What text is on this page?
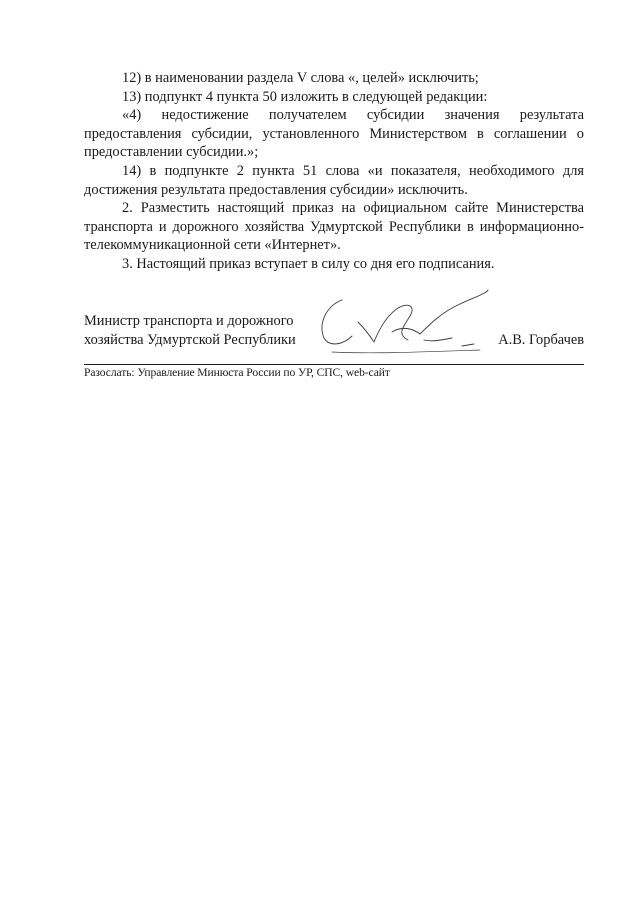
12) в наименовании раздела V слова «, целей» исключить;

13) подпункт 4 пункта 50 изложить в следующей редакции:

«4) недостижение получателем субсидии значения результата предоставления субсидии, установленного Министерством в соглашении о предоставлении субсидии.»;

14) в подпункте 2 пункта 51 слова «и показателя, необходимого для достижения результата предоставления субсидии» исключить.

2. Разместить настоящий приказ на официальном сайте Министерства транспорта и дорожного хозяйства Удмуртской Республики в информационно-телекоммуникационной сети «Интернет».

3. Настоящий приказ вступает в силу со дня его подписания.

Министр транспорта и дорожного
хозяйства Удмуртской Республики	А.В. Горбачев
Разослать: Управление Минюста России по УР, СПС, web-сайт
